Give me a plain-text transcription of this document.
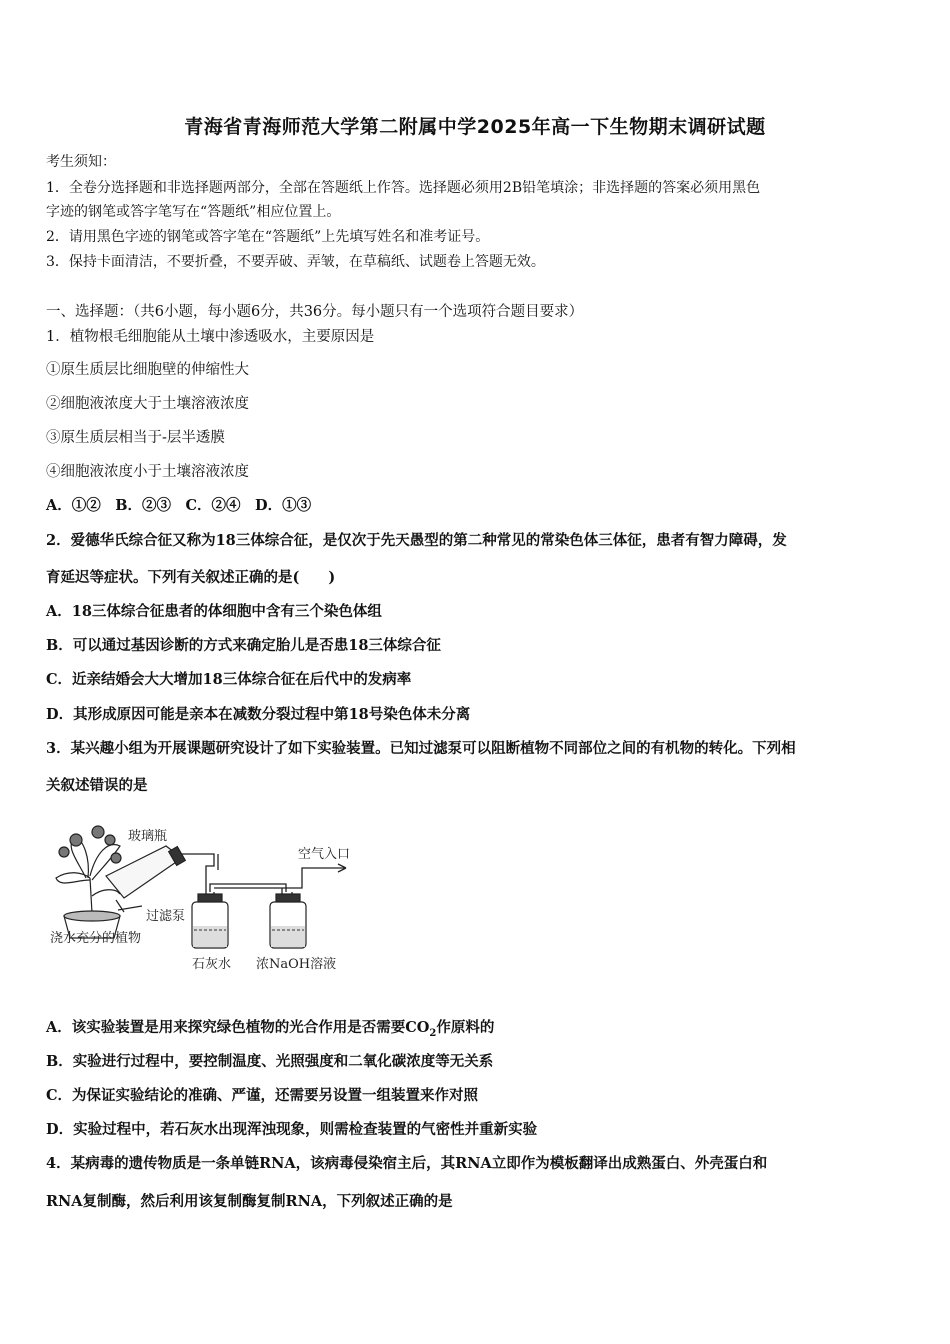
青海省青海师范大学第二附属中学2025年高一下生物期末调研试题
考生须知：
1．全卷分选择题和非选择题两部分，全部在答题纸上作答。选择题必须用2B铅笔填涂；非选择题的答案必须用黑色
字迹的钢笔或答字笔写在“答题纸”相应位置上。
2．请用黑色字迹的钢笔或答字笔在“答题纸”上先填写姓名和准考证号。
3．保持卡面清洁，不要折叠，不要弄破、弄皱，在草稿纸、试题卷上答题无效。
一、选择题：（共6小题，每小题6分，共36分。每小题只有一个选项符合题目要求）
1．植物根毛细胞能从土壤中渗透吸水，主要原因是
①原生质层比细胞壁的伸缩性大
②细胞液浓度大于土壤溶液浓度
③原生质层相当于-层半透膜
④细胞液浓度小于土壤溶液浓度
A．①②　B．②③　C．②④　D．①③
2．爱德华氏综合征又称为18三体综合征，是仅次于先天愚型的第二种常见的常染色体三体征，患者有智力障碍，发
育延迟等症状。下列有关叙述正确的是(　　)
A．18三体综合征患者的体细胞中含有三个染色体组
B．可以通过基因诊断的方式来确定胎儿是否患18三体综合征
C．近亲结婚会大大增加18三体综合征在后代中的发病率
D．其形成原因可能是亲本在减数分裂过程中第18号染色体未分离
3．某兴趣小组为开展课题研究设计了如下实验装置。已知过滤泵可以阻断植物不同部位之间的有机物的转化。下列相
关叙述错误的是
玻璃瓶
空气入口
过滤泵
浇水充分的植物
石灰水 浓NaOH溶液
A．该实验装置是用来探究绿色植物的光合作用是否需要$CO_2$作原料的
B．实验进行过程中，要控制温度、光照强度和二氧化碳浓度等无关系
C．为保证实验结论的准确、严谨，还需要另设置一组装置来作对照
D．实验过程中，若石灰水出现浑浊现象，则需检查装置的气密性并重新实验
4．某病毒的遗传物质是一条单链RNA，该病毒侵染宿主后，其RNA立即作为模板翻译出成熟蛋白、外壳蛋白和
RNA复制酶，然后利用该复制酶复制RNA，下列叙述正确的是
